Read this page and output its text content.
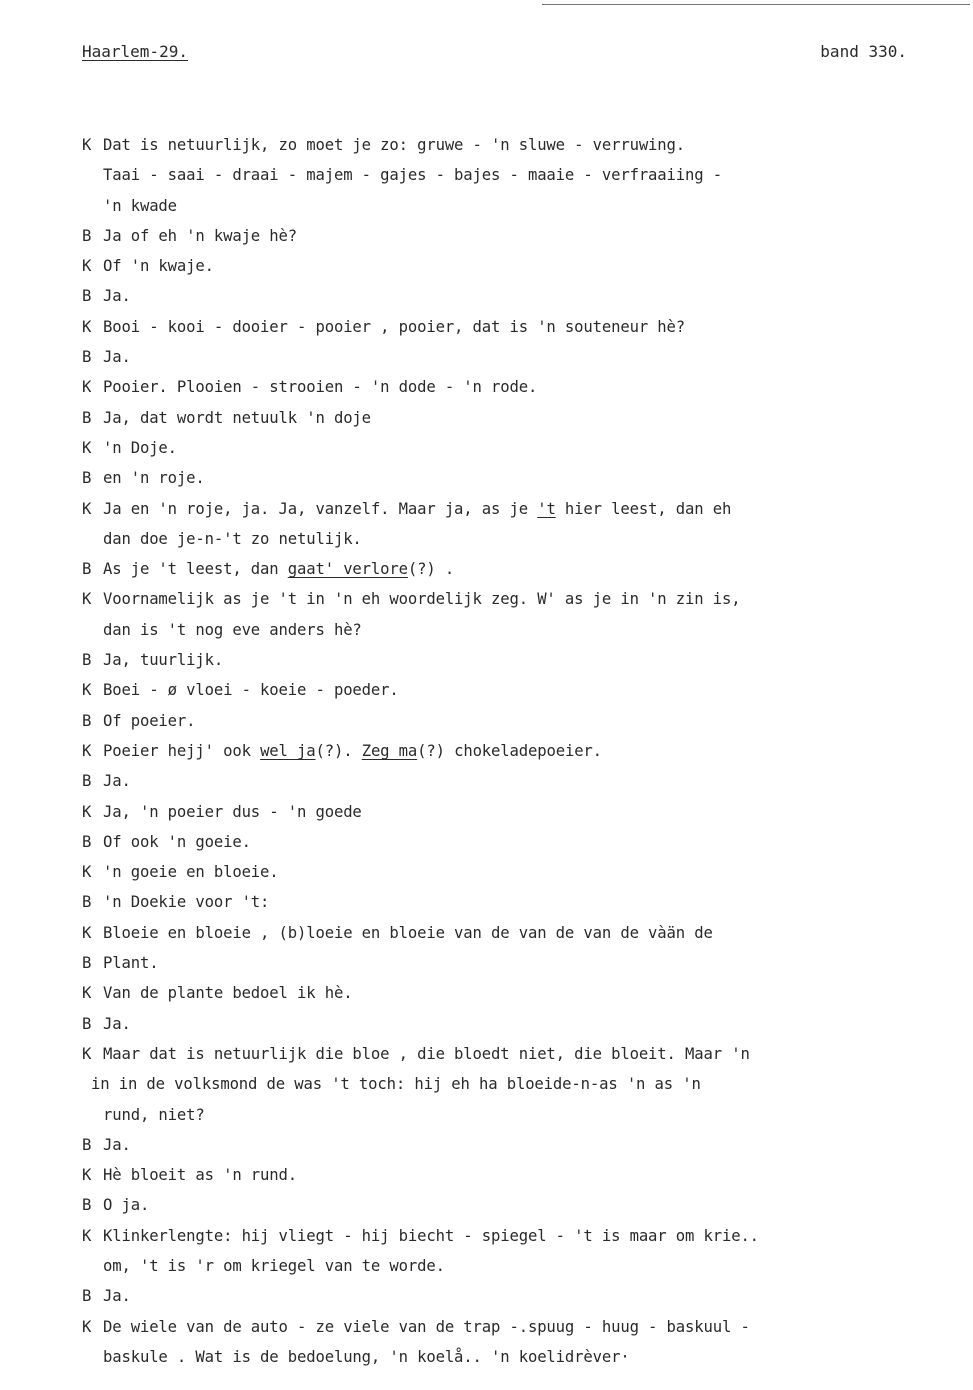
Haarlem-29.	band 330.
K Dat is netuurlijk, zo moet je zo: gruwe - 'n sluwe - verruwing.
Taai - saai - draai - majem - gajes - bajes - maaie - verfraaiing -
'n kwade
B Ja of eh 'n kwaje hè?
K Of 'n kwaje.
B Ja.
K Booi - kooi - dooier - pooier , pooier, dat is 'n souteneur hè?
B Ja.
K Pooier. Plooien - strooien - 'n dode - 'n rode.
B Ja, dat wordt netuulk 'n doje
K 'n Doje.
B en 'n roje.
K Ja en 'n roje, ja. Ja, vanzelf. Maar ja, as je 't hier leest, dan eh
dan doe je-n-'t zo netulijk.
B As je 't leest, dan gaat' verlore(?) .
K Voornamelijk as je 't in 'n eh woordelijk zeg. W' as je in 'n zin is,
dan is 't nog eve anders hè?
B Ja, tuurlijk.
K Boei - ø vloei - koeie - poeder.
B Of poeier.
K Poeier hejj' ook wel ja(?). Zeg ma(?) chokeladepoeier.
B Ja.
K Ja, 'n poeier dus - 'n goede
B Of ook 'n goeie.
K 'n goeie en bloeie.
B 'n Doekie voor 't:
K Bloeie en bloeie , (b)loeie en bloeie van de van de van de vàän de
B Plant.
K Van de plante bedoel ik hè.
B Ja.
K Maar dat is netuurlijk die bloe , die bloedt niet, die bloeit. Maar 'n
in in de volksmond de was 't toch: hij eh ha bloeide-n-as 'n as 'n
rund, niet?
B Ja.
K Hè bloeit as 'n rund.
B O ja.
K Klinkerlengte: hij vliegt - hij biecht - spiegel - 't is maar om krie..
om, 't is 'r om kriegel van te worde.
B Ja.
K De wiele van de auto - ze viele van de trap -.spuug - huug - baskuul -
baskule . Wat is de bedoelung, 'n koelå.. 'n koelidrèver·
